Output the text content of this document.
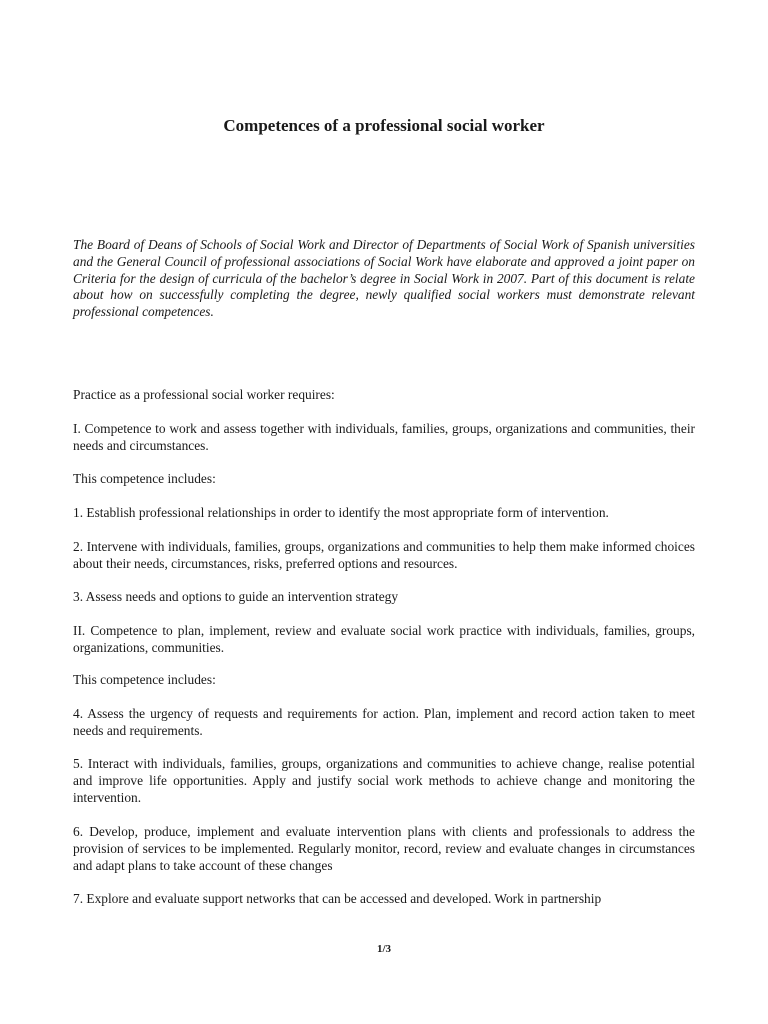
Competences of a professional social worker

The Board of Deans of Schools of Social Work and Director of Departments of Social Work of Spanish universities and the General Council of professional associations of Social Work have elaborate and approved a joint paper on Criteria for the design of curricula of the bachelor’s degree in Social Work in 2007. Part of this document is relate about how on successfully completing the degree, newly qualified social workers must demonstrate relevant professional competences.

Practice as a professional social worker requires:

I. Competence to work and assess together with individuals, families, groups, organizations and communities, their needs and circumstances.

This competence includes:

1. Establish professional relationships in order to identify the most appropriate form of intervention.

2. Intervene with individuals, families, groups, organizations and communities to help them make informed choices about their needs, circumstances, risks, preferred options and resources.

3. Assess needs and options to guide an intervention strategy

II. Competence to plan, implement, review and evaluate social work practice with individuals, families, groups, organizations, communities.

This competence includes:

4. Assess the urgency of requests and requirements for action. Plan, implement and record action taken to meet needs and requirements.

5. Interact with individuals, families, groups, organizations and communities to achieve change, realise potential and improve life opportunities. Apply and justify social work methods to achieve change and monitoring the intervention.

6. Develop, produce, implement and evaluate intervention plans with clients and professionals to address the provision of services to be implemented. Regularly monitor, record, review and evaluate changes in circumstances and adapt plans to take account of these changes

7. Explore and evaluate support networks that can be accessed and developed. Work in partnership

1/3
